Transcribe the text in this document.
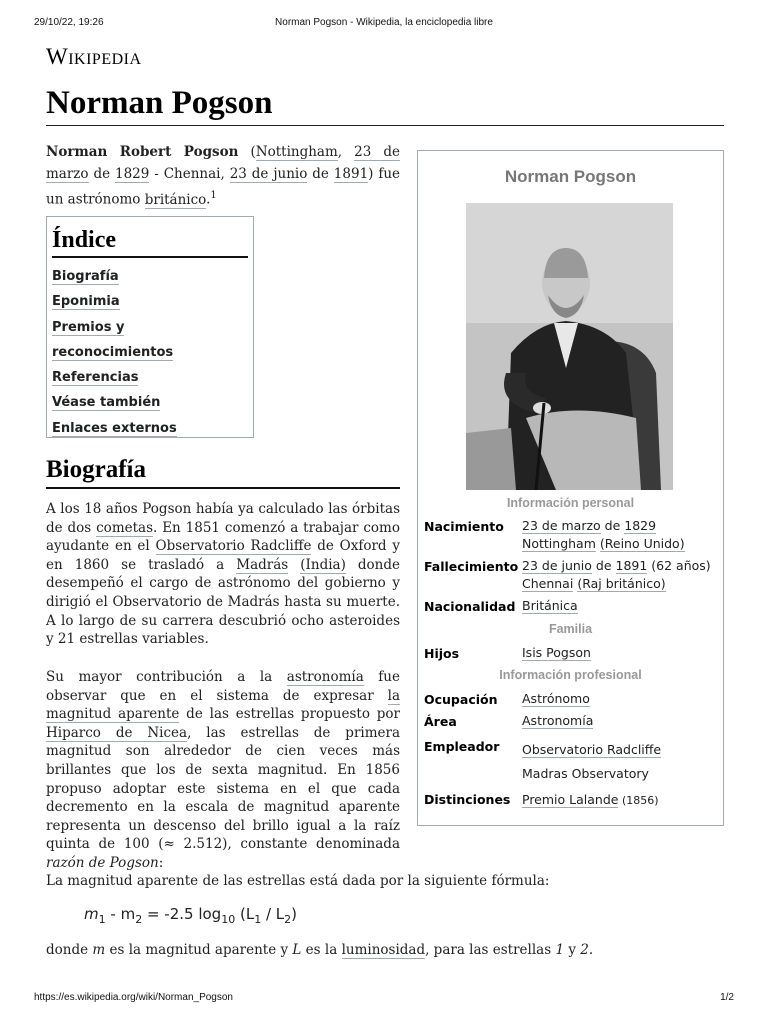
29/10/22, 19:26	Norman Pogson - Wikipedia, la enciclopedia libre
Wikipedia
Norman Pogson

Norman Robert Pogson (Nottingham, 23 de marzo de 1829 - Chennai, 23 de junio de 1891) fue un astrónomo británico.$^1$

Índice
Biografía
Eponimia
Premios y reconocimientos
Referencias
Véase también
Enlaces externos
Biografía

A los 18 años Pogson había ya calculado las órbitas de dos cometas. En 1851 comenzó a trabajar como ayudante en el Observatorio Radcliffe de Oxford y en 1860 se trasladó a Madrás (India) donde desempeñó el cargo de astrónomo del gobierno y dirigió el Observatorio de Madrás hasta su muerte. A lo largo de su carrera descubrió ocho asteroides y 21 estrellas variables.

Su mayor contribución a la astronomía fue observar que en el sistema de expresar la magnitud aparente de las estrellas propuesto por Hiparco de Nicea, las estrellas de primera magnitud son alrededor de cien veces más brillantes que los de sexta magnitud. En 1856 propuso adoptar este sistema en el que cada decremento en la escala de magnitud aparente representa un descenso del brillo igual a la raíz quinta de 100 (≈ 2.512), constante denominada razón de Pogson:

La magnitud aparente de las estrellas está dada por la siguiente fórmula:

$m_1 - m_2 = -2.5$ $\log_{10} (L_1 / L_2)$

donde m es la magnitud aparente y L es la luminosidad, para las estrellas 1 y 2.

Norman Pogson
Información personal
Nacimiento 23 de marzo de 1829
Nottingham (Reino Unido)
Fallecimiento 23 de junio de 1891 (62 años)
Chennai (Raj británico)
Nacionalidad Británica
Familia
Hijos	Isis Pogson
Información profesional
Ocupación Astrónomo
Área	Astronomía
Empleador Observatorio Radcliffe
Madras Observatory
Distinciones Premio Lalande (1856)
https://es.wikipedia.org/wiki/Norman_Pogson	1/2
